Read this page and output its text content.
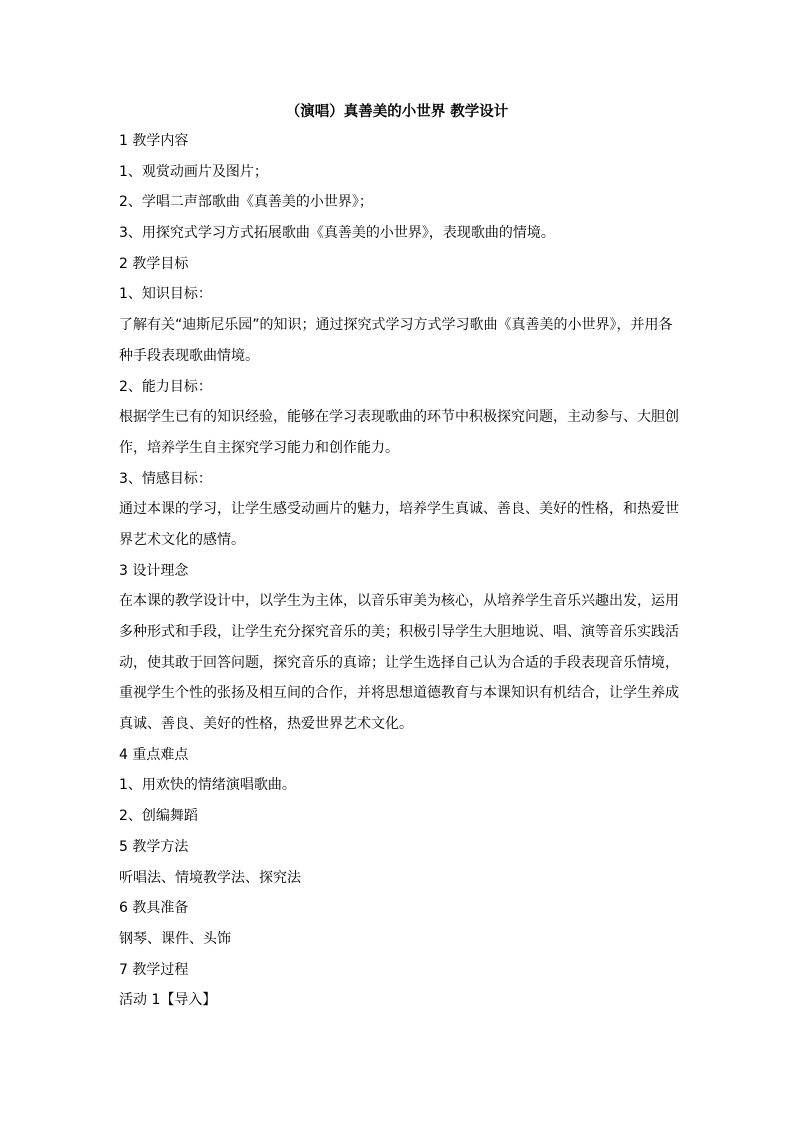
（演唱）真善美的小世界 教学设计
1 教学内容
1、观赏动画片及图片；
2、学唱二声部歌曲《真善美的小世界》；
3、用探究式学习方式拓展歌曲《真善美的小世界》，表现歌曲的情境。
2 教学目标
1、知识目标：
了解有关“迪斯尼乐园”的知识；通过探究式学习方式学习歌曲《真善美的小世界》，并用各
种手段表现歌曲情境。
2、能力目标：
根据学生已有的知识经验，能够在学习表现歌曲的环节中积极探究问题，主动参与、大胆创
作，培养学生自主探究学习能力和创作能力。
3、情感目标：
通过本课的学习，让学生感受动画片的魅力，培养学生真诚、善良、美好的性格，和热爱世
界艺术文化的感情。
3 设计理念
在本课的教学设计中，以学生为主体，以音乐审美为核心，从培养学生音乐兴趣出发，运用
多种形式和手段，让学生充分探究音乐的美；积极引导学生大胆地说、唱、演等音乐实践活
动，使其敢于回答问题，探究音乐的真谛；让学生选择自己认为合适的手段表现音乐情境，
重视学生个性的张扬及相互间的合作，并将思想道德教育与本课知识有机结合，让学生养成
真诚、善良、美好的性格，热爱世界艺术文化。
4 重点难点
1、用欢快的情绪演唱歌曲。
2、创编舞蹈
5 教学方法
听唱法、情境教学法、探究法
6 教具准备
钢琴、课件、头饰
7 教学过程
活动 1【导入】
